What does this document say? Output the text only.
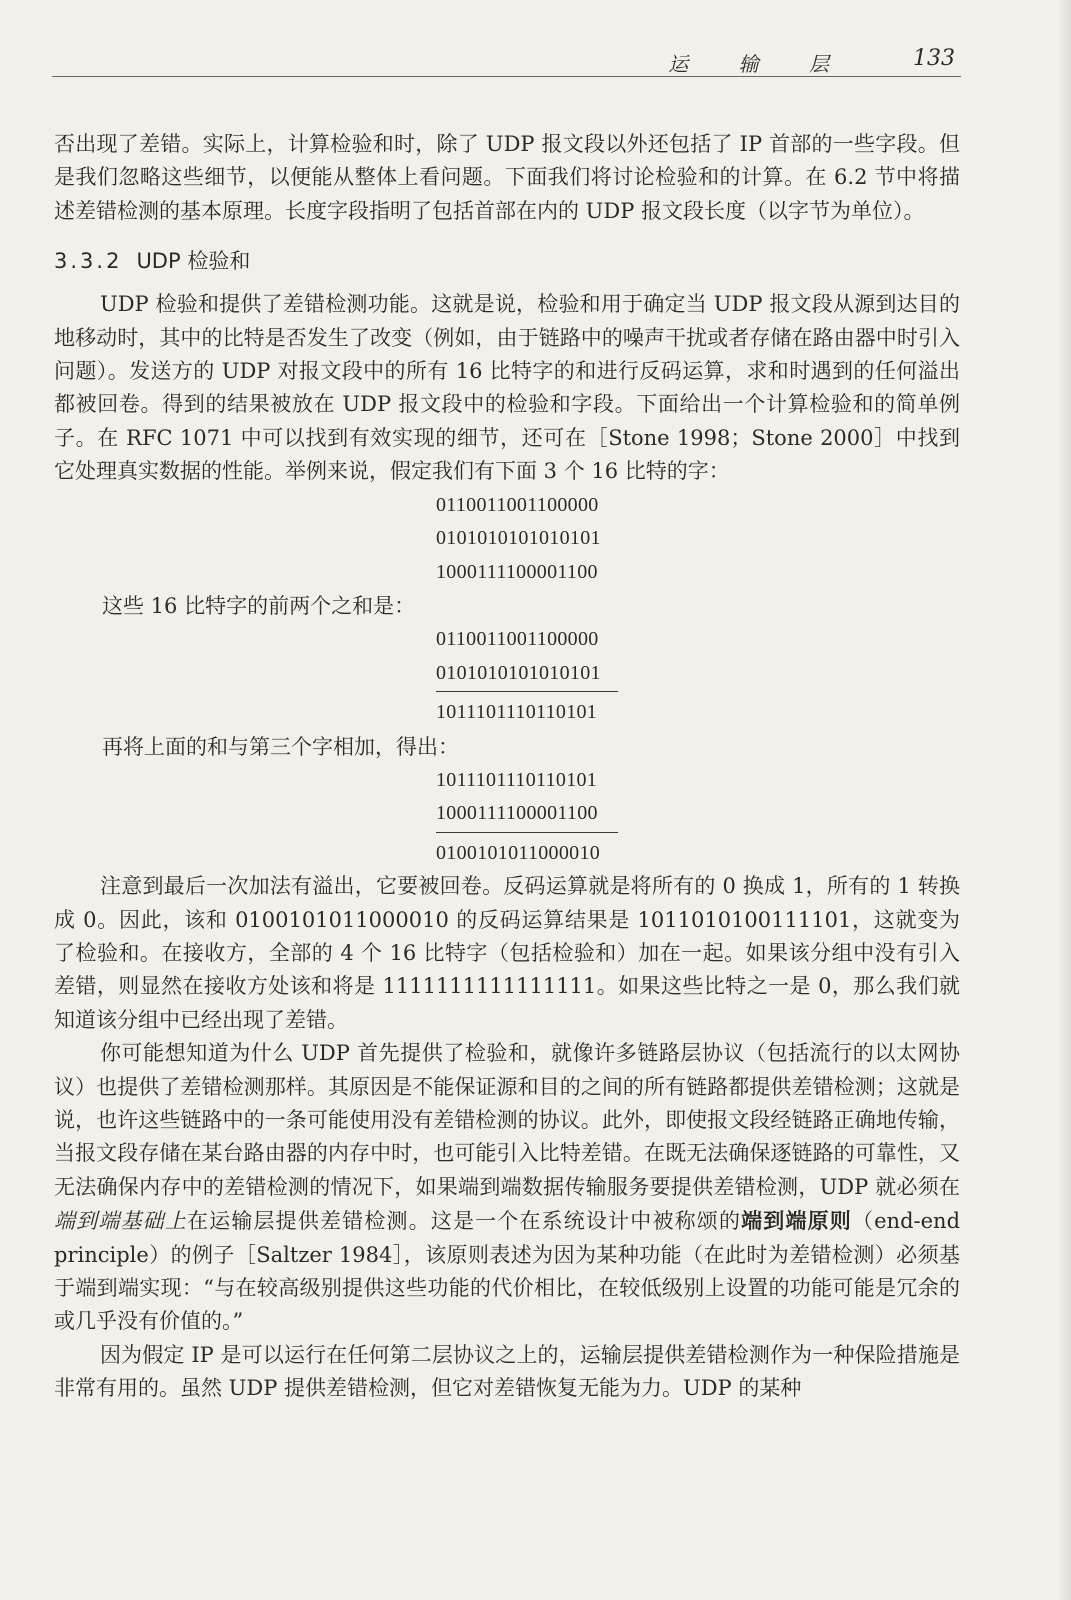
运 输 层	133

否出现了差错。实际上，计算检验和时，除了 UDP 报文段以外还包括了 IP 首部的一些字段。但是我们忽略这些细节，以便能从整体上看问题。下面我们将讨论检验和的计算。在 6.2 节中将描述差错检测的基本原理。长度字段指明了包括首部在内的 UDP 报文段长度（以字节为单位）。

3.3.2 UDP 检验和

UDP 检验和提供了差错检测功能。这就是说，检验和用于确定当 UDP 报文段从源到达目的地移动时，其中的比特是否发生了改变（例如，由于链路中的噪声干扰或者存储在路由器中时引入问题）。发送方的 UDP 对报文段中的所有 16 比特字的和进行反码运算，求和时遇到的任何溢出都被回卷。得到的结果被放在 UDP 报文段中的检验和字段。下面给出一个计算检验和的简单例子。在 RFC 1071 中可以找到有效实现的细节，还可在［Stone 1998；Stone 2000］中找到它处理真实数据的性能。举例来说，假定我们有下面 3 个 16 比特的字：

0110011001100000
0101010101010101
1000111100001100
这些 16 比特字的前两个之和是：
0110011001100000
0101010101010101
1011101110110101
再将上面的和与第三个字相加，得出：
1011101110110101
1000111100001100
0100101011000010

注意到最后一次加法有溢出，它要被回卷。反码运算就是将所有的 0 换成 1，所有的 1 转换成 0。因此，该和 0100101011000010 的反码运算结果是 1011010100111101，这就变为了检验和。在接收方，全部的 4 个 16 比特字（包括检验和）加在一起。如果该分组中没有引入差错，则显然在接收方处该和将是 1111111111111111。如果这些比特之一是 0，那么我们就知道该分组中已经出现了差错。

你可能想知道为什么 UDP 首先提供了检验和，就像许多链路层协议（包括流行的以太网协议）也提供了差错检测那样。其原因是不能保证源和目的之间的所有链路都提供差错检测；这就是说，也许这些链路中的一条可能使用没有差错检测的协议。此外，即使报文段经链路正确地传输，当报文段存储在某台路由器的内存中时，也可能引入比特差错。在既无法确保逐链路的可靠性，又无法确保内存中的差错检测的情况下，如果端到端数据传输服务要提供差错检测，UDP 就必须在端到端基础上在运输层提供差错检测。这是一个在系统设计中被称颂的端到端原则（end-end principle）的例子［Saltzer 1984］，该原则表述为因为某种功能（在此时为差错检测）必须基于端到端实现：“与在较高级别提供这些功能的代价相比，在较低级别上设置的功能可能是冗余的或几乎没有价值的。”

因为假定 IP 是可以运行在任何第二层协议之上的，运输层提供差错检测作为一种保险措施是非常有用的。虽然 UDP 提供差错检测，但它对差错恢复无能为力。UDP 的某种
